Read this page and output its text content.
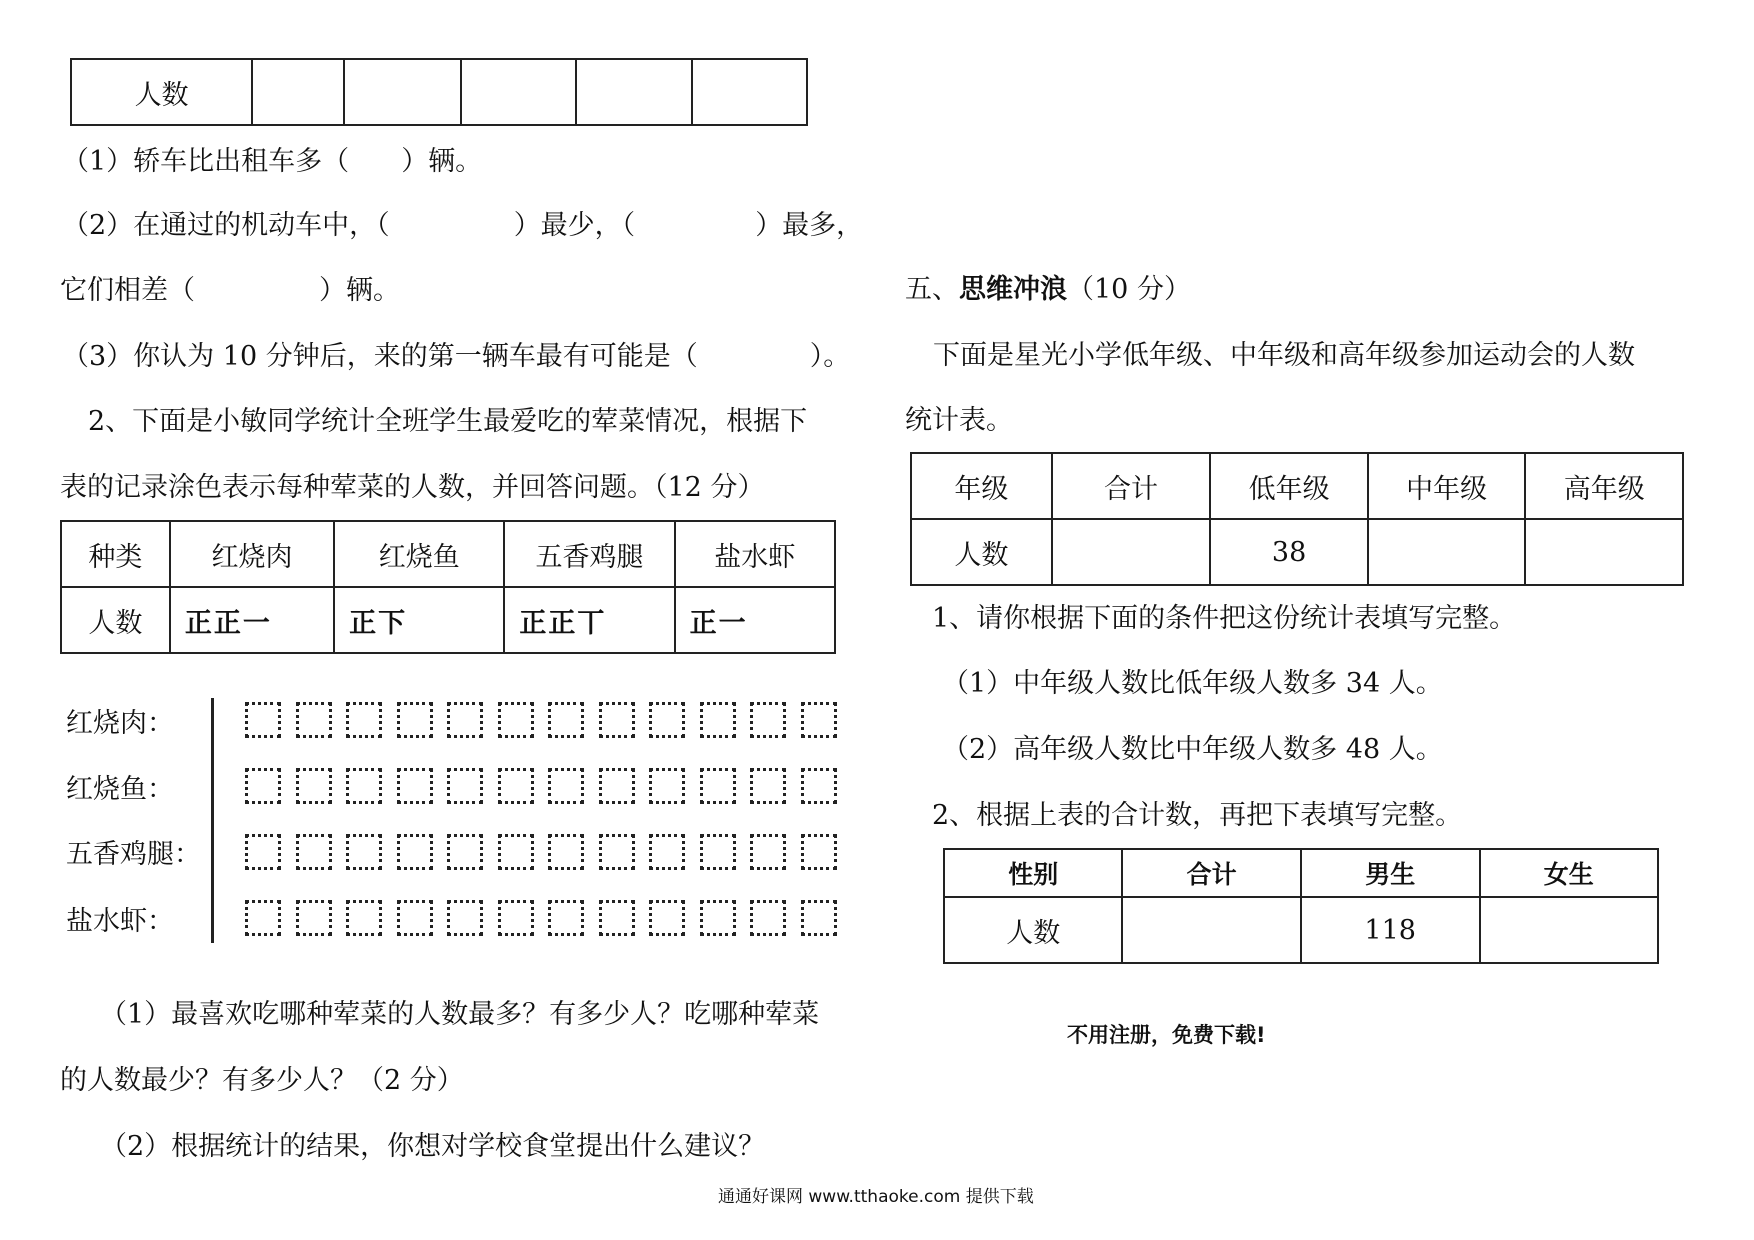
人数					
（1）轿车比出租车多（ ）辆。
（2）在通过的机动车中，（	）最少，（	）最多，
它们相差（	）辆。
（3）你认为 10 分钟后，来的第一辆车最有可能是（	）。
2、下面是小敏同学统计全班学生最爱吃的荤菜情况，根据下
表的记录涂色表示每种荤菜的人数，并回答问题。（12 分）
种类	红烧肉	红烧鱼	五香鸡腿	盐水虾
人数	正正一	正下	正正丅	正一
红烧肉：
红烧鱼：
五香鸡腿：
盐水虾：
（1）最喜欢吃哪种荤菜的人数最多？有多少人？吃哪种荤菜
的人数最少？有多少人？（2 分）
（2）根据统计的结果，你想对学校食堂提出什么建议？
五、思维冲浪（10 分）
下面是星光小学低年级、中年级和高年级参加运动会的人数
统计表。
年级	合计	低年级	中年级	高年级
人数		38		
1、请你根据下面的条件把这份统计表填写完整。
（1）中年级人数比低年级人数多 34 人。
（2）高年级人数比中年级人数多 48 人。
2、根据上表的合计数，再把下表填写完整。
性别	合计	男生	女生
人数		118	
不用注册，免费下载!
通通好课网 www.tthaoke.com 提供下载
